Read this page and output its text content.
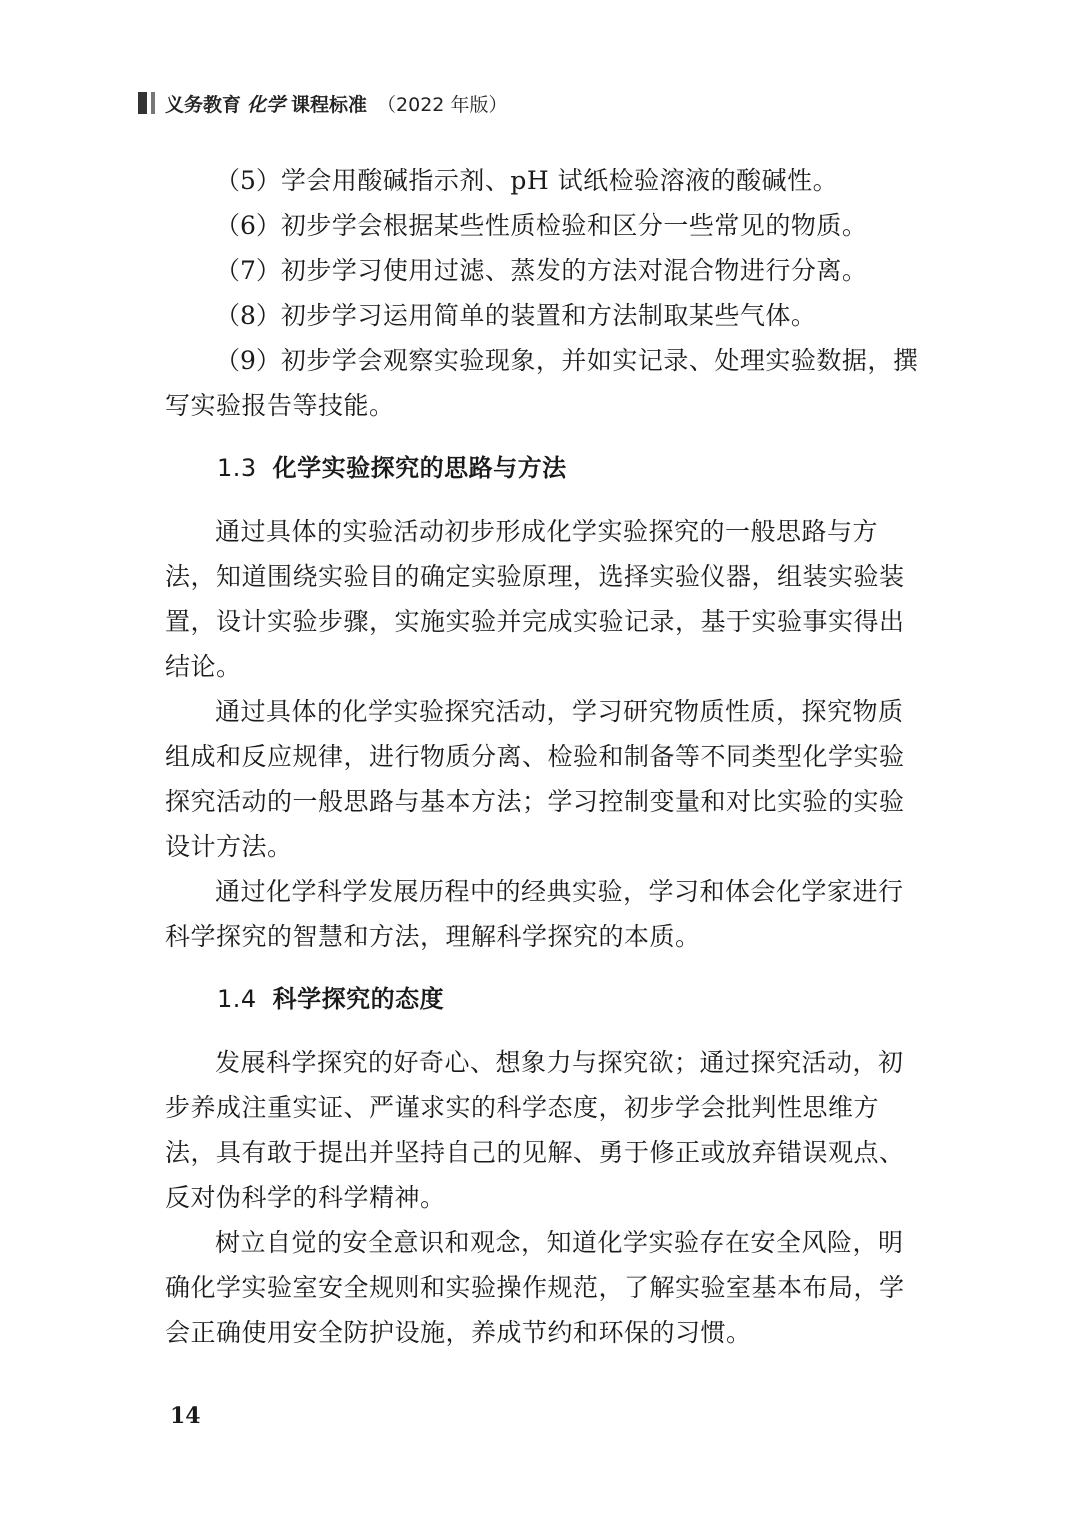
义务教育 化学 课程标准 （2022 年版）

（5）学会用酸碱指示剂、pH 试纸检验溶液的酸碱性。

（6）初步学会根据某些性质检验和区分一些常见的物质。

（7）初步学习使用过滤、蒸发的方法对混合物进行分离。

（8）初步学习运用简单的装置和方法制取某些气体。

（9）初步学会观察实验现象，并如实记录、处理实验数据，撰写实验报告等技能。

1.3 化学实验探究的思路与方法

通过具体的实验活动初步形成化学实验探究的一般思路与方法，知道围绕实验目的确定实验原理，选择实验仪器，组装实验装置，设计实验步骤，实施实验并完成实验记录，基于实验事实得出结论。

通过具体的化学实验探究活动，学习研究物质性质，探究物质组成和反应规律，进行物质分离、检验和制备等不同类型化学实验探究活动的一般思路与基本方法；学习控制变量和对比实验的实验设计方法。

通过化学科学发展历程中的经典实验，学习和体会化学家进行科学探究的智慧和方法，理解科学探究的本质。

1.4 科学探究的态度

发展科学探究的好奇心、想象力与探究欲；通过探究活动，初步养成注重实证、严谨求实的科学态度，初步学会批判性思维方法，具有敢于提出并坚持自己的见解、勇于修正或放弃错误观点、反对伪科学的科学精神。

树立自觉的安全意识和观念，知道化学实验存在安全风险，明确化学实验室安全规则和实验操作规范，了解实验室基本布局，学会正确使用安全防护设施，养成节约和环保的习惯。

14
